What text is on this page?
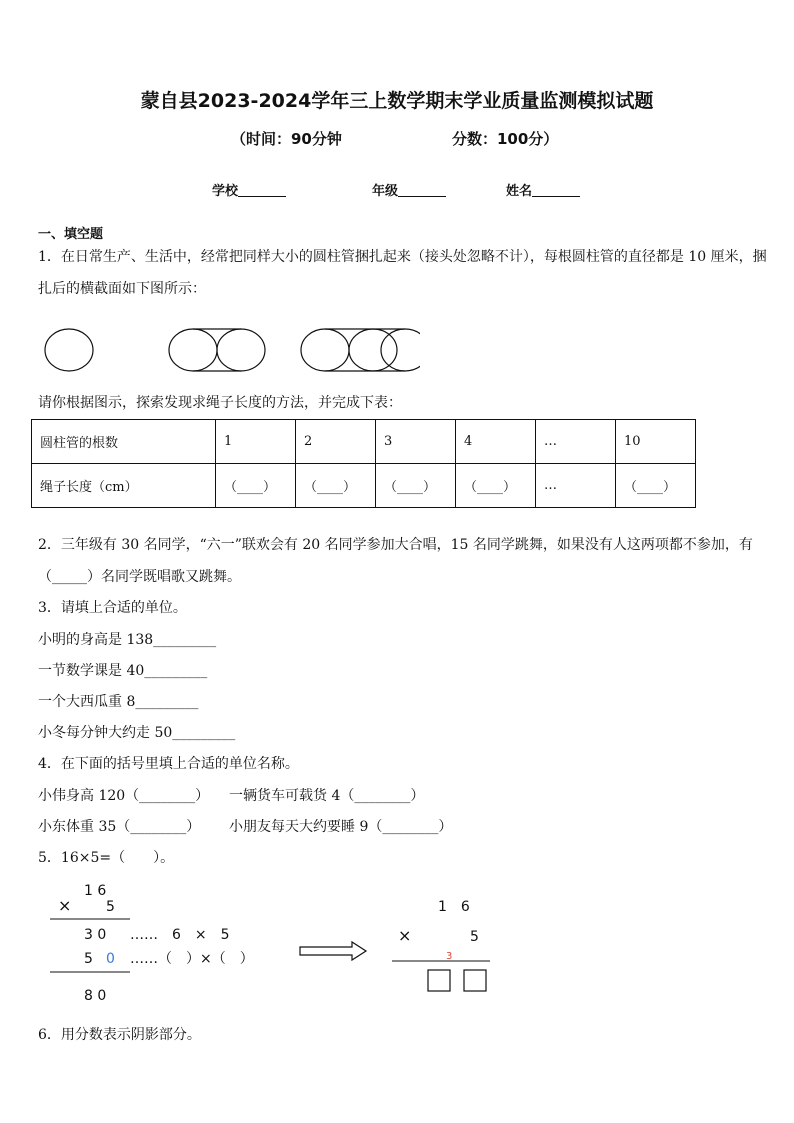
蒙自县2023-2024学年三上数学期末学业质量监测模拟试题
（时间：90分钟	分数：100分）
学校	年级	姓名
一、填空题
1．在日常生产、生活中，经常把同样大小的圆柱管捆扎起来（接头处忽略不计），每根圆柱管的直径都是 10 厘米，捆
扎后的横截面如下图所示：
请你根据图示，探索发现求绳子长度的方法，并完成下表：
圆柱管的根数	1	2	3	4	…	10
绳子长度（cm）	（____）	（____）	（____）	（____）	…	（____）
2．三年级有 30 名同学，“六一”联欢会有 20 名同学参加大合唱，15 名同学跳舞，如果没有人这两项都不参加，有
（_____）名同学既唱歌又跳舞。
3．请填上合适的单位。
小明的身高是 138_________
一节数学课是 40_________
一个大西瓜重 8_________
小冬每分钟大约走 50_________
4．在下面的括号里填上合适的单位名称。
小伟身高 120（________） 一辆货车可载货 4（________）
小东体重 35（________） 小朋友每天大约要睡 9（________）
5．16×5=（　　）。
1 6
× 5
3 0 ……　6　×　5
5 0 ……（　）×（　）
8 0
1　6
×	5
3
6．用分数表示阴影部分。
